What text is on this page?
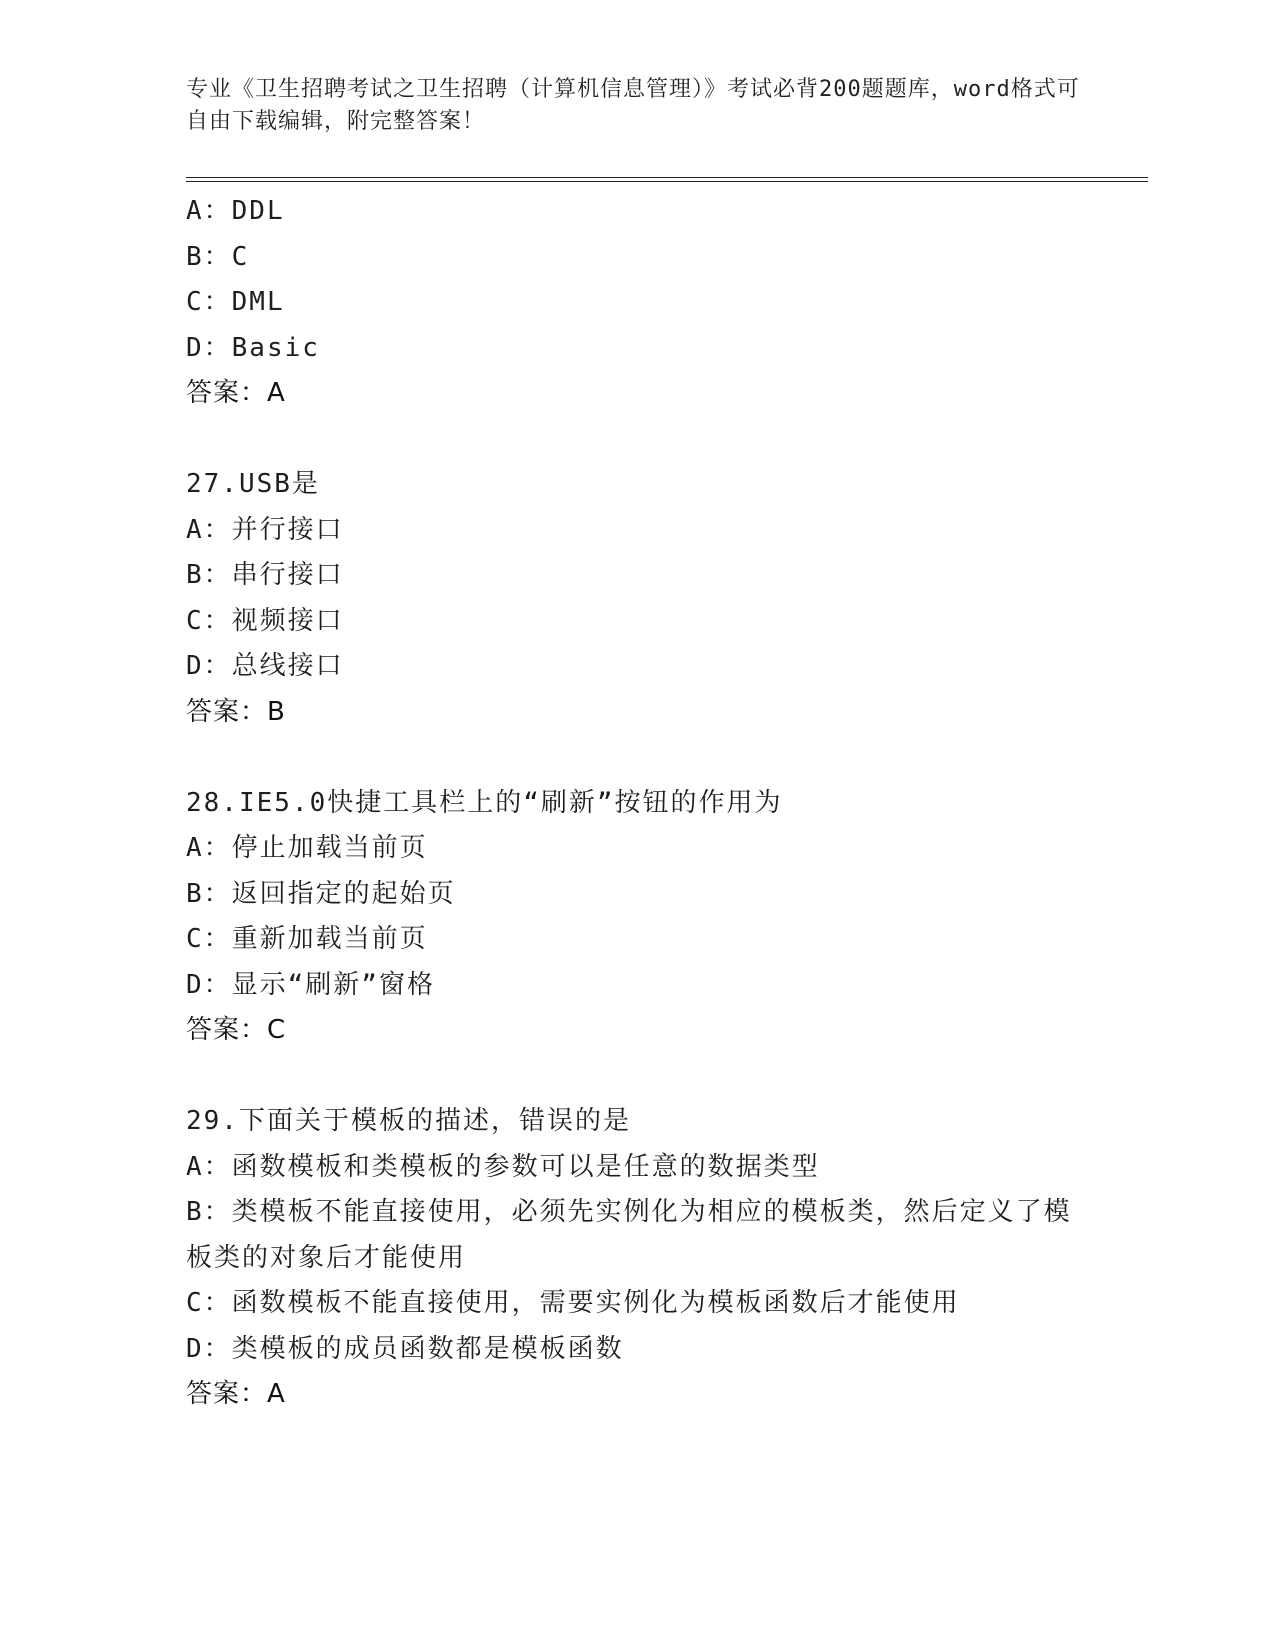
专业《卫生招聘考试之卫生招聘（计算机信息管理）》考试必背200题题库，word格式可自由下载编辑，附完整答案！
A：DDL
B：C
C：DML
D：Basic
答案：A
27.USB是
A：并行接口
B：串行接口
C：视频接口
D：总线接口
答案：B
28.IE5.0快捷工具栏上的“刷新”按钮的作用为
A：停止加载当前页
B：返回指定的起始页
C：重新加载当前页
D：显示“刷新”窗格
答案：C
29.下面关于模板的描述，错误的是
A：函数模板和类模板的参数可以是任意的数据类型
B：类模板不能直接使用，必须先实例化为相应的模板类，然后定义了模板类的对象后才能使用
C：函数模板不能直接使用，需要实例化为模板函数后才能使用
D：类模板的成员函数都是模板函数
答案：A
